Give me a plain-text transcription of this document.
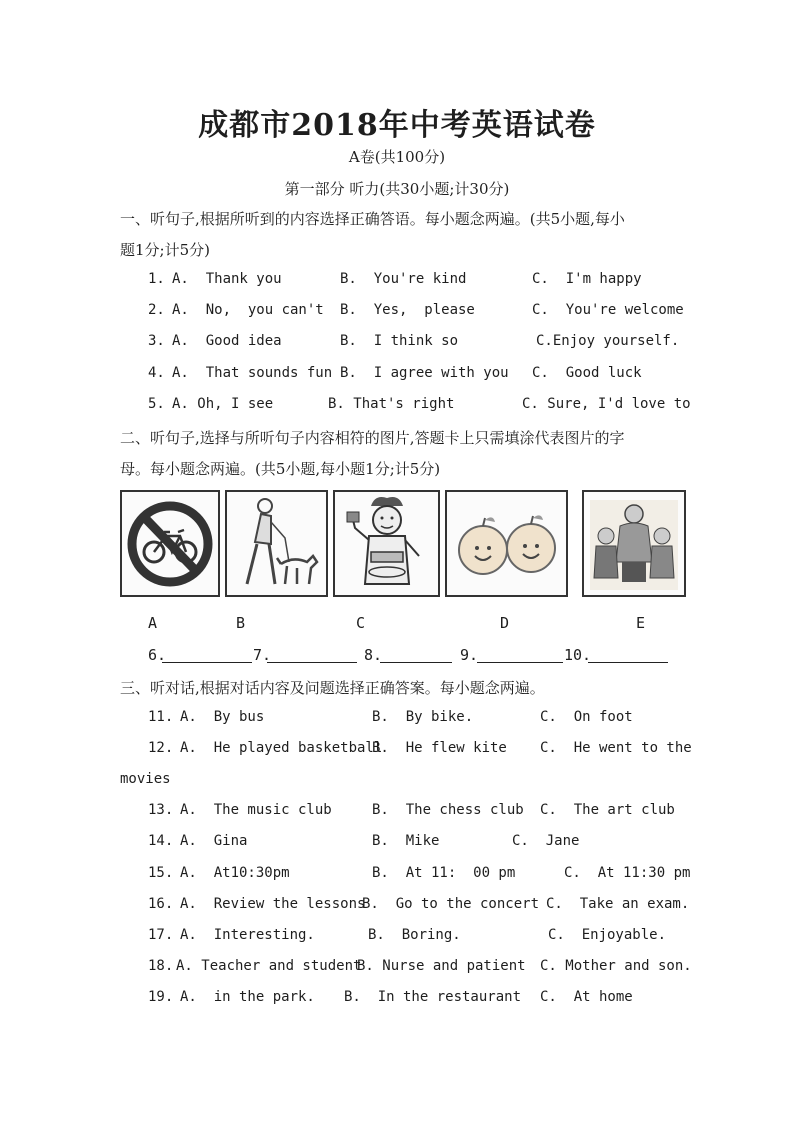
成都市2018年中考英语试卷
A卷(共100分)
第一部分 听力(共30小题;计30分)
一、听句子,根据所听到的内容选择正确答语。每小题念两遍。(共5小题,每小
题1分;计5分)
1. A.  Thank you	B.  You're kind	C.  I'm happy
2. A.  No,  you can't B.  Yes,  please	C.  You're welcome
3. A.  Good idea	B.  I think so	C.Enjoy yourself.
4. A.  That sounds fun B.  I agree with you C.  Good luck
5. A. Oh, I see	B. That's right	C. Sure, I'd love to
二、听句子,选择与所听句子内容相符的图片,答题卡上只需填涂代表图片的字
母。每小题念两遍。(共5小题,每小题1分;计5分)
A	B	C	D	E
6.	7.	8.	9.	10.
三、听对话,根据对话内容及问题选择正确答案。每小题念两遍。
11. A.  By bus	B.  By bike.	C.  On foot
12. A.  He played basketball
B.  He flew kite C.  He went to the
movies
13. A.  The music club	B.  The chess club C.  The art club
14. A.  Gina	B.  Mike	C.  Jane
15. A.  At10:30pm	B.  At 11:  00 pm	C.  At 11:30 pm
16. A.  Review the lessons
B.  Go to the concert C.  Take an exam.
17. A.  Interesting.	B.  Boring.	C.  Enjoyable.
18. A. Teacher and student
B. Nurse and patient C. Mother and son.
19. A.  in the park. B.  In the restaurant C.  At home
